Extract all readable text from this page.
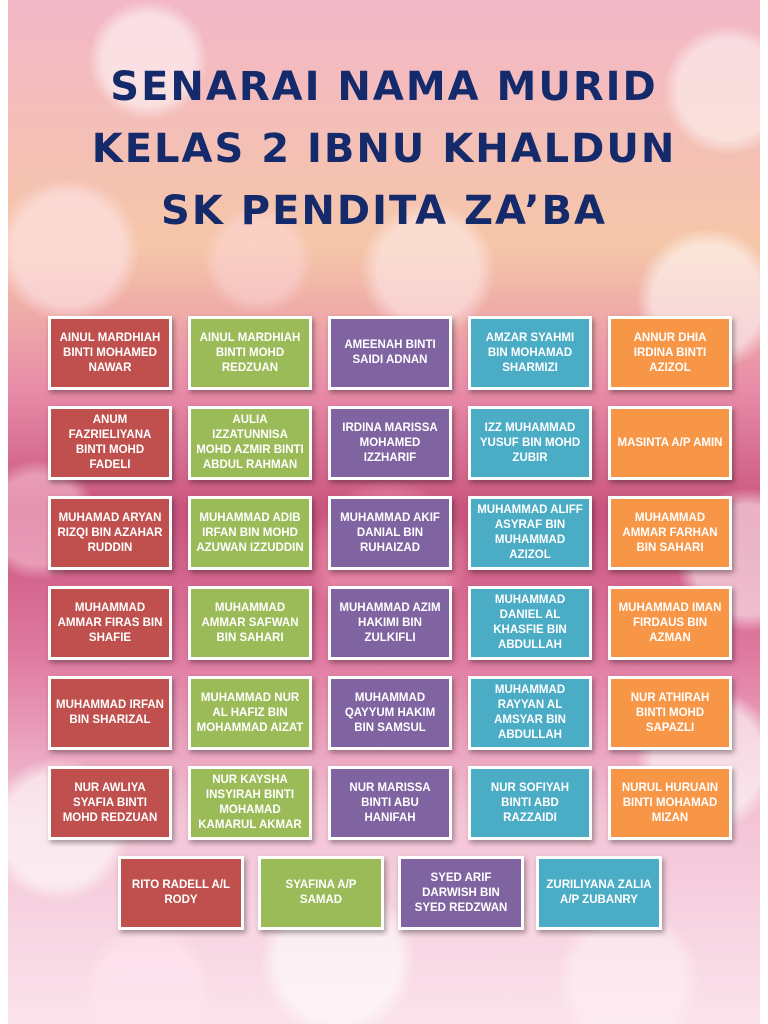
SENARAI NAMA MURID
KELAS 2 IBNU KHALDUN
SK PENDITA ZA’BA
AINUL MARDHIAH BINTI MOHAMED NAWAR
AINUL MARDHIAH BINTI MOHD REDZUAN
AMEENAH BINTI SAIDI ADNAN
AMZAR SYAHMI BIN MOHAMAD SHARMIZI
ANNUR DHIA IRDINA BINTI AZIZOL
ANUM FAZRIELIYANA BINTI MOHD FADELI
AULIA IZZATUNNISA MOHD AZMIR BINTI ABDUL RAHMAN
IRDINA MARISSA MOHAMED IZZHARIF
IZZ MUHAMMAD YUSUF BIN MOHD ZUBIR
MASINTA A/P AMIN
MUHAMAD ARYAN RIZQI BIN AZAHAR RUDDIN
MUHAMMAD ADIB IRFAN BIN MOHD AZUWAN IZZUDDIN
MUHAMMAD AKIF DANIAL BIN RUHAIZAD
MUHAMMAD ALIFF ASYRAF BIN MUHAMMAD AZIZOL
MUHAMMAD AMMAR FARHAN BIN SAHARI
MUHAMMAD AMMAR FIRAS BIN SHAFIE
MUHAMMAD AMMAR SAFWAN BIN SAHARI
MUHAMMAD AZIM HAKIMI BIN ZULKIFLI
MUHAMMAD DANIEL AL KHASFIE BIN ABDULLAH
MUHAMMAD IMAN FIRDAUS BIN AZMAN
MUHAMMAD IRFAN BIN SHARIZAL
MUHAMMAD NUR AL HAFIZ BIN MOHAMMAD AIZAT
MUHAMMAD QAYYUM HAKIM BIN SAMSUL
MUHAMMAD RAYYAN AL AMSYAR BIN ABDULLAH
NUR ATHIRAH BINTI MOHD SAPAZLI
NUR AWLIYA SYAFIA BINTI MOHD REDZUAN
NUR KAYSHA INSYIRAH BINTI MOHAMAD KAMARUL AKMAR
NUR MARISSA BINTI ABU HANIFAH
NUR SOFIYAH BINTI ABD RAZZAIDI
NURUL HURUAIN BINTI MOHAMAD MIZAN
RITO RADELL A/L RODY
SYAFINA A/P SAMAD
SYED ARIF DARWISH BIN SYED REDZWAN
ZURILIYANA ZALIA A/P ZUBANRY
